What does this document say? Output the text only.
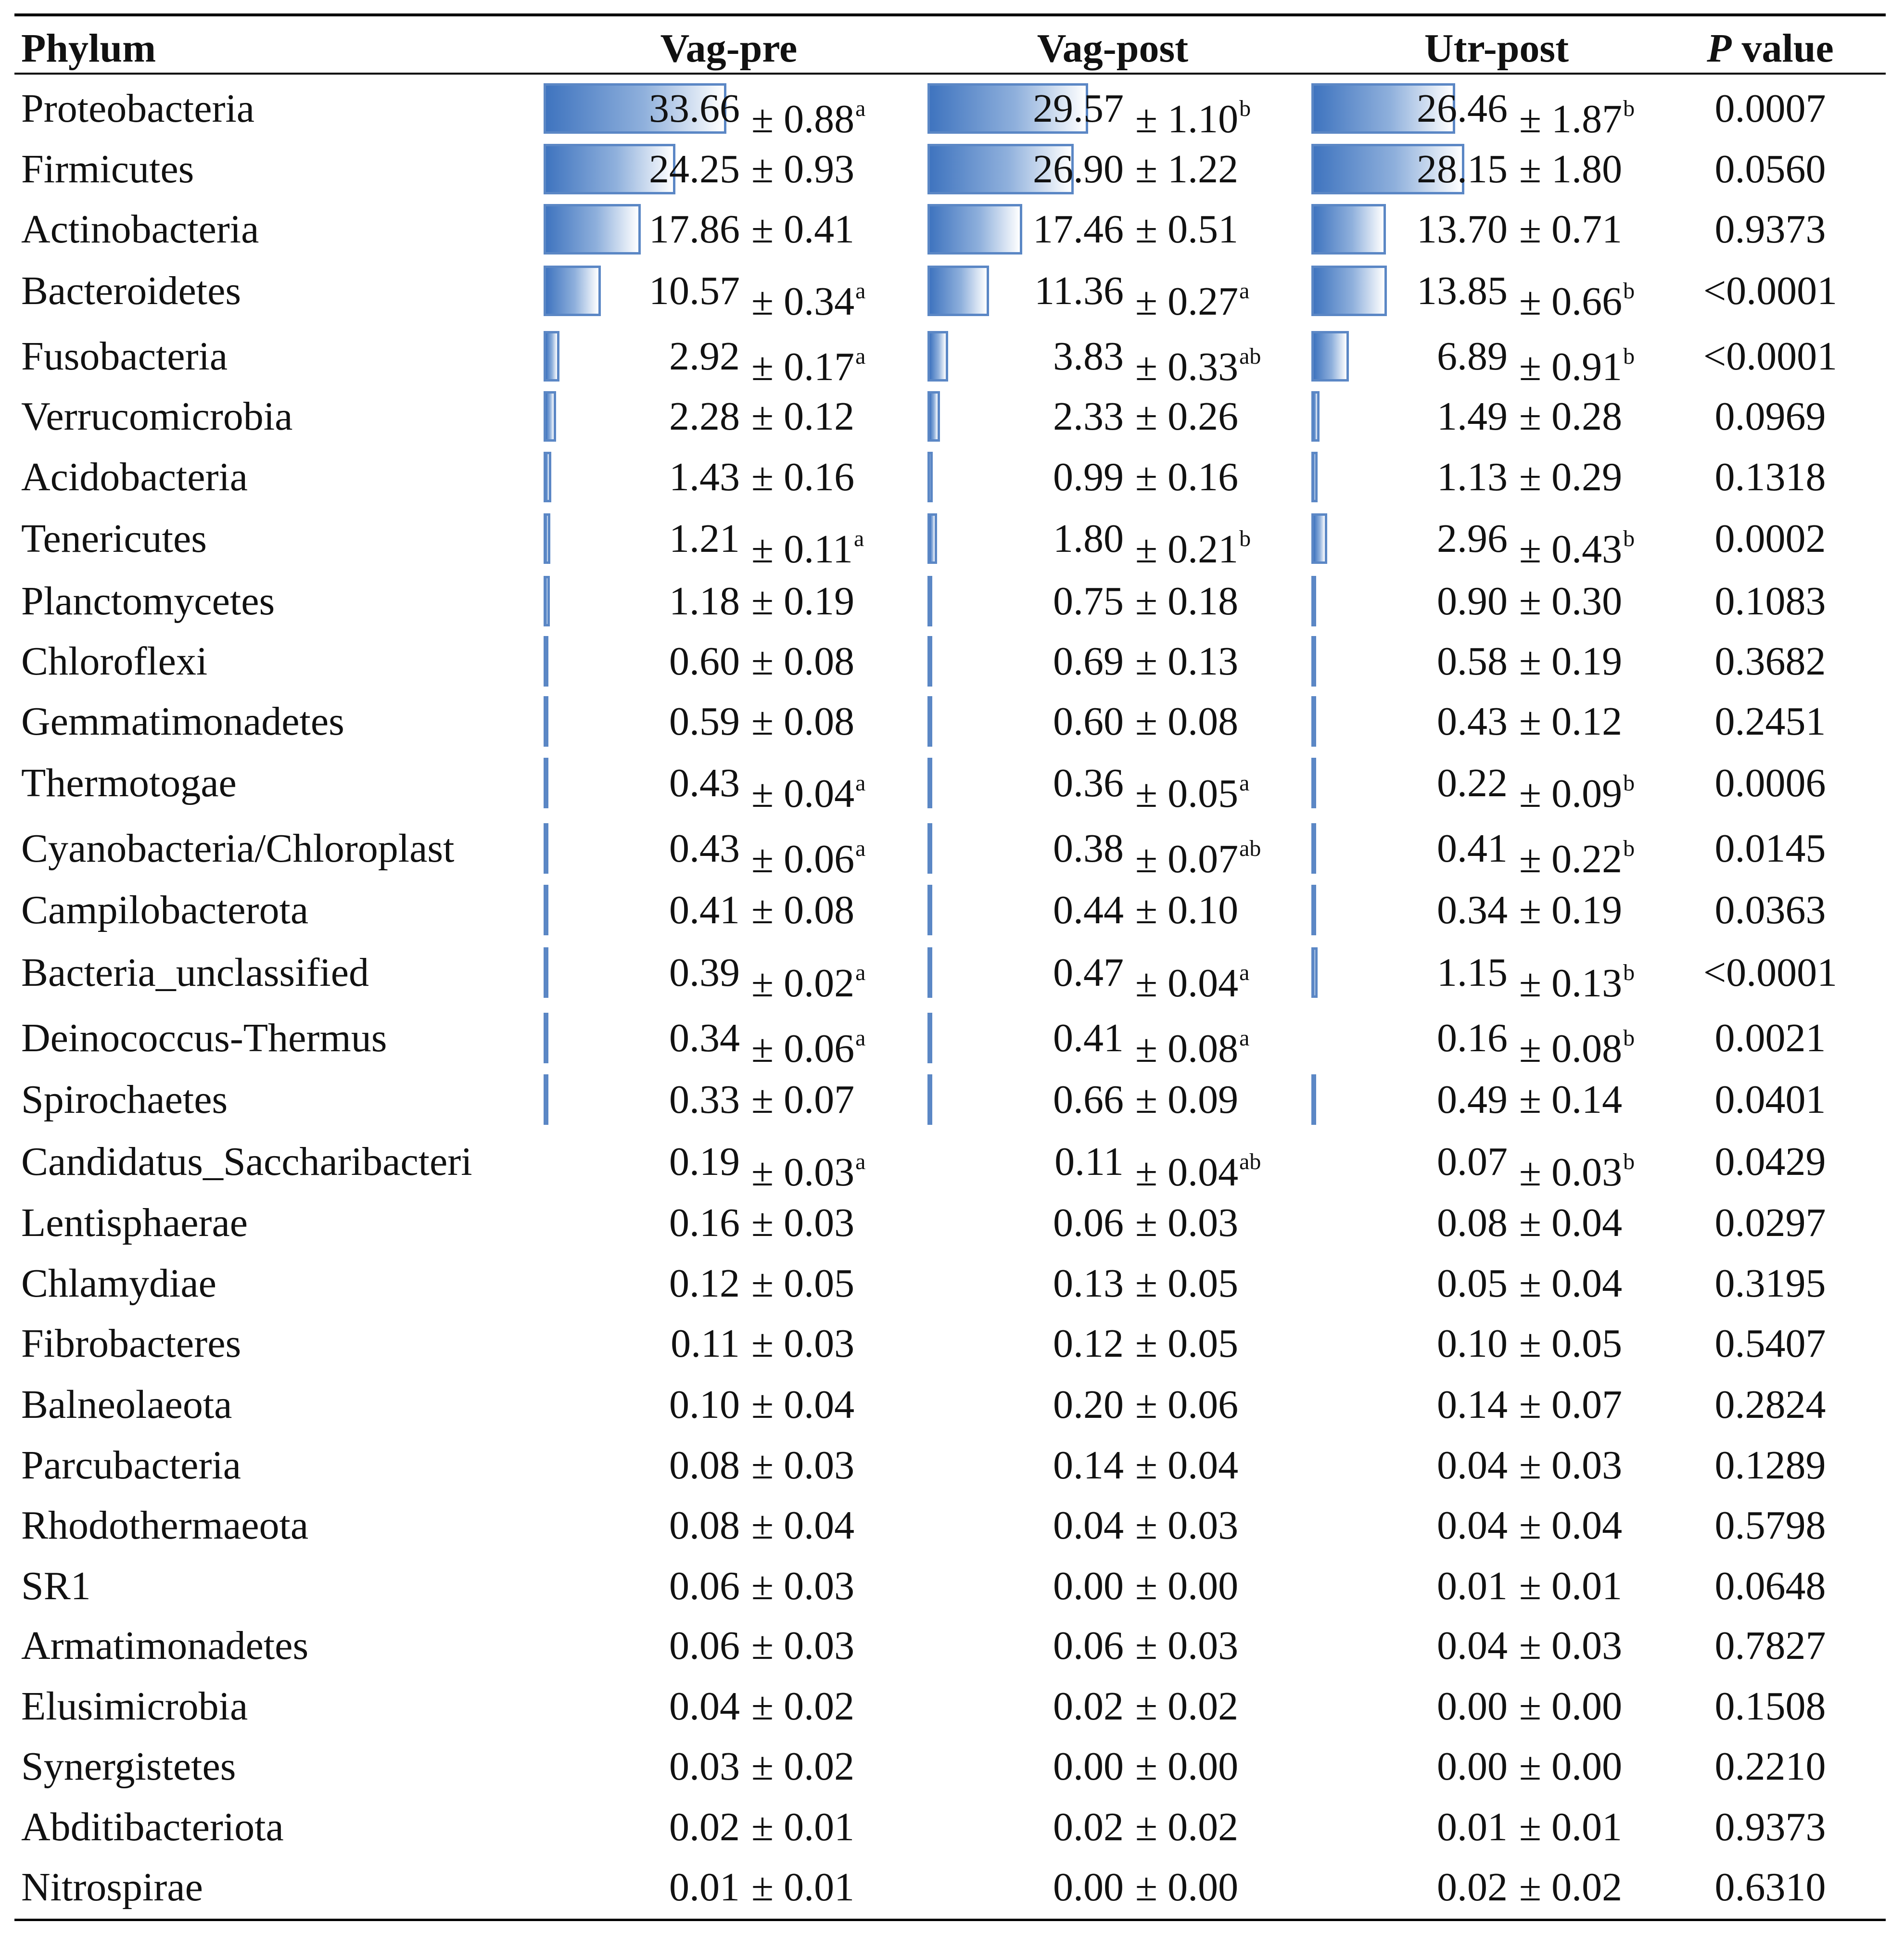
Phylum	Vag-pre	Vag-post	Utr-post	P value
Proteobacteria	33.66 ± 0.88$^a$	29.57 ± 1.10$^b$	26.46 ± 1.87$^b$	0.0007
Firmicutes	24.25 ± 0.93	26.90 ± 1.22	28.15 ± 1.80	0.0560
Actinobacteria	17.86 ± 0.41	17.46 ± 0.51	13.70 ± 0.71	0.9373
Bacteroidetes	10.57 ± 0.34$^a$	11.36 ± 0.27$^a$	13.85 ± 0.66$^b$	<0.0001
Fusobacteria	2.92 ± 0.17$^a$	3.83 ± 0.33$^{ab}$	6.89 ± 0.91$^b$	<0.0001
Verrucomicrobia	2.28 ± 0.12	2.33 ± 0.26	1.49 ± 0.28	0.0969
Acidobacteria	1.43 ± 0.16	0.99 ± 0.16	1.13 ± 0.29	0.1318
Tenericutes	1.21 ± 0.11$^a$	1.80 ± 0.21$^b$	2.96 ± 0.43$^b$	0.0002
Planctomycetes	1.18 ± 0.19	0.75 ± 0.18	0.90 ± 0.30	0.1083
Chloroflexi	0.60 ± 0.08	0.69 ± 0.13	0.58 ± 0.19	0.3682
Gemmatimonadetes	0.59 ± 0.08	0.60 ± 0.08	0.43 ± 0.12	0.2451
Thermotogae	0.43 ± 0.04$^a$	0.36 ± 0.05$^a$	0.22 ± 0.09$^b$	0.0006
Cyanobacteria/Chloroplast	0.43 ± 0.06$^a$	0.38 ± 0.07$^{ab}$	0.41 ± 0.22$^b$	0.0145
Campilobacterota	0.41 ± 0.08	0.44 ± 0.10	0.34 ± 0.19	0.0363
Bacteria_unclassified	0.39 ± 0.02$^a$	0.47 ± 0.04$^a$	1.15 ± 0.13$^b$	<0.0001
Deinococcus-Thermus	0.34 ± 0.06$^a$	0.41 ± 0.08$^a$	0.16 ± 0.08$^b$	0.0021
Spirochaetes	0.33 ± 0.07	0.66 ± 0.09	0.49 ± 0.14	0.0401
Candidatus_Saccharibacteri	0.19 ± 0.03$^a$	0.11 ± 0.04$^{ab}$	0.07 ± 0.03$^b$	0.0429
Lentisphaerae	0.16 ± 0.03	0.06 ± 0.03	0.08 ± 0.04	0.0297
Chlamydiae	0.12 ± 0.05	0.13 ± 0.05	0.05 ± 0.04	0.3195
Fibrobacteres	0.11 ± 0.03	0.12 ± 0.05	0.10 ± 0.05	0.5407
Balneolaeota	0.10 ± 0.04	0.20 ± 0.06	0.14 ± 0.07	0.2824
Parcubacteria	0.08 ± 0.03	0.14 ± 0.04	0.04 ± 0.03	0.1289
Rhodothermaeota	0.08 ± 0.04	0.04 ± 0.03	0.04 ± 0.04	0.5798
SR1	0.06 ± 0.03	0.00 ± 0.00	0.01 ± 0.01	0.0648
Armatimonadetes	0.06 ± 0.03	0.06 ± 0.03	0.04 ± 0.03	0.7827
Elusimicrobia	0.04 ± 0.02	0.02 ± 0.02	0.00 ± 0.00	0.1508
Synergistetes	0.03 ± 0.02	0.00 ± 0.00	0.00 ± 0.00	0.2210
Abditibacteriota	0.02 ± 0.01	0.02 ± 0.02	0.01 ± 0.01	0.9373
Nitrospirae	0.01 ± 0.01	0.00 ± 0.00	0.02 ± 0.02	0.6310
